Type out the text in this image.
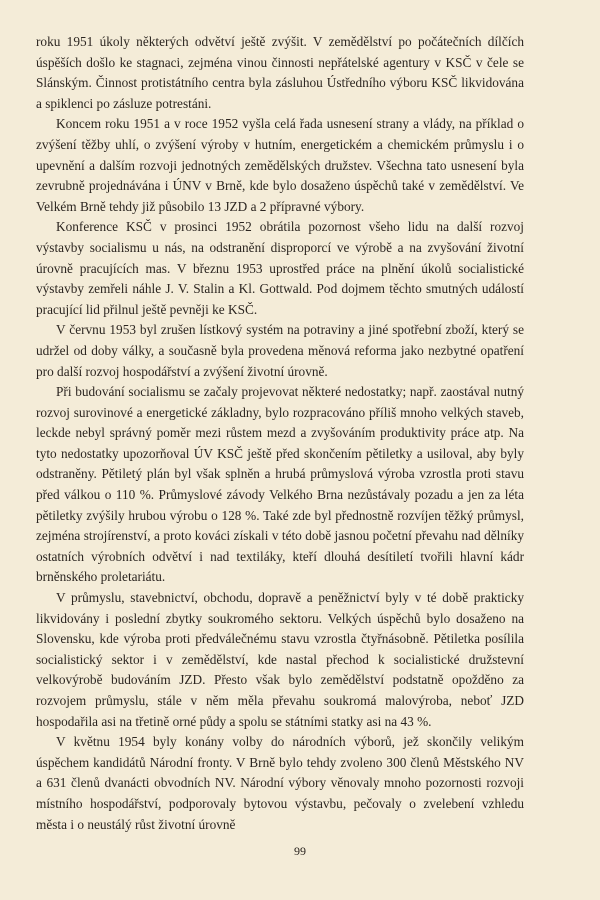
roku 1951 úkoly některých odvětví ještě zvýšit. V zemědělství po počátečních dílčích úspěších došlo ke stagnaci, zejména vinou činnosti nepřátelské agentury v KSČ v čele se Slánským. Činnost protistátního centra byla zásluhou Ústředního výboru KSČ likvidována a spiklenci po zásluze potrestáni.

Koncem roku 1951 a v roce 1952 vyšla celá řada usnesení strany a vlády, na příklad o zvýšení těžby uhlí, o zvýšení výroby v hutním, energetickém a chemickém průmyslu i o upevnění a dalším rozvoji jednotných zemědělských družstev. Všechna tato usnesení byla zevrubně projednávána i ÚNV v Brně, kde bylo dosaženo úspěchů také v zemědělství. Ve Velkém Brně tehdy již působilo 13 JZD a 2 přípravné výbory.

Konference KSČ v prosinci 1952 obrátila pozornost všeho lidu na další rozvoj výstavby socialismu u nás, na odstranění disproporcí ve výrobě a na zvyšování životní úrovně pracujících mas. V březnu 1953 uprostřed práce na plnění úkolů socialistické výstavby zemřeli náhle J. V. Stalin a Kl. Gottwald. Pod dojmem těchto smutných událostí pracující lid přilnul ještě pevněji ke KSČ.

V červnu 1953 byl zrušen lístkový systém na potraviny a jiné spotřební zboží, který se udržel od doby války, a současně byla provedena měnová reforma jako nezbytné opatření pro další rozvoj hospodářství a zvýšení životní úrovně.

Při budování socialismu se začaly projevovat některé nedostatky; např. zaostával nutný rozvoj surovinové a energetické základny, bylo rozpracováno příliš mnoho velkých staveb, leckde nebyl správný poměr mezi růstem mezd a zvyšováním produktivity práce atp. Na tyto nedostatky upozorňoval ÚV KSČ ještě před skončením pětiletky a usiloval, aby byly odstraněny. Pětiletý plán byl však splněn a hrubá průmyslová výroba vzrostla proti stavu před válkou o 110 %. Průmyslové závody Velkého Brna nezůstávaly pozadu a jen za léta pětiletky zvýšily hrubou výrobu o 128 %. Také zde byl přednostně rozvíjen těžký průmysl, zejména strojírenství, a proto kováci získali v této době jasnou početní převahu nad dělníky ostatních výrobních odvětví i nad textiláky, kteří dlouhá desítiletí tvořili hlavní kádr brněnského proletariátu.

V průmyslu, stavebnictví, obchodu, dopravě a peněžnictví byly v té době prakticky likvidovány i poslední zbytky soukromého sektoru. Velkých úspěchů bylo dosaženo na Slovensku, kde výroba proti předválečnému stavu vzrostla čtyřnásobně. Pětiletka posílila socialistický sektor i v zemědělství, kde nastal přechod k socialistické družstevní velkovýrobě budováním JZD. Přesto však bylo zemědělství podstatně opožděno za rozvojem průmyslu, stále v něm měla převahu soukromá malovýroba, neboť JZD hospodařila asi na třetině orné půdy a spolu se státními statky asi na 43 %.

V květnu 1954 byly konány volby do národních výborů, jež skončily velikým úspěchem kandidátů Národní fronty. V Brně bylo tehdy zvoleno 300 členů Městského NV a 631 členů dvanácti obvodních NV. Národní výbory věnovaly mnoho pozornosti rozvoji místního hospodářství, podporovaly bytovou výstavbu, pečovaly o zvelebení vzhledu města i o neustálý růst životní úrovně

99
